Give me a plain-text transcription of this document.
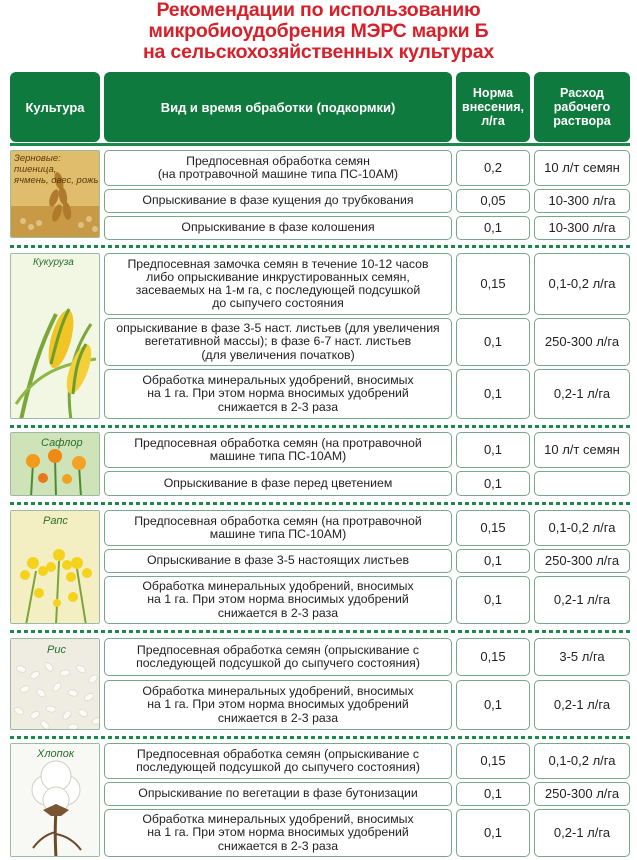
Рекомендации по использованию
микробиоудобрения МЭРС марки Б
на сельскохозяйственных культурах
Культура	Вид и время обработки (подкормки)
Норма
внесения,
л/га
Расход
рабочего
раствора
Зерновые: пшеница,
ячмень, овес, рожь
Предпосевная обработка семян
(на протравочной машине типа ПС-10АМ)	0,2	10 л/т семян
Опрыскивание в фазе кущения до трубкования	0,05	10-300 л/га
Опрыскивание в фазе колошения	0,1	10-300 л/га
Кукуруза	Предпосевная замочка семян в течение 10-12 часов
либо опрыскивание инкрустированных семян,
засеваемых на 1-м га, с последующей подсушкой
до сыпучего состояния
0,15	0,1-0,2 л/га
опрыскивание в фазе 3-5 наст. листьев (для увеличения
вегетативной массы); в фазе 6-7 наст. листьев
(для увеличения початков)
0,1	250-300 л/га
Обработка минеральных удобрений, вносимых
на 1 га. При этом норма вносимых удобрений
снижается в 2-3 раза
0,1	0,2-1 л/га
Сафлор	Предпосевная обработка семян (на протравочной
машине типа ПС-10АМ)	0,1	10 л/т семян
Опрыскивание в фазе перед цветением	0,1
Рапс	Предпосевная обработка семян (на протравочной
машине типа ПС-10АМ)	0,15	0,1-0,2 л/га
Опрыскивание в фазе 3-5 настоящих листьев	0,1	250-300 л/га
Обработка минеральных удобрений, вносимых
на 1 га. При этом норма вносимых удобрений
снижается в 2-3 раза
0,1	0,2-1 л/га
Рис	Предпосевная обработка семян (опрыскивание с
последующей подсушкой до сыпучего состояния)	0,15	3-5 л/га
Обработка минеральных удобрений, вносимых
на 1 га. При этом норма вносимых удобрений
снижается в 2-3 раза
0,1	0,2-1 л/га
Хлопок	Предпосевная обработка семян (опрыскивание с
последующей подсушкой до сыпучего состояния)	0,15	0,1-0,2 л/га
Опрыскивание по вегетации в фазе бутонизации	0,1	250-300 л/га
Обработка минеральных удобрений, вносимых
на 1 га. При этом норма вносимых удобрений
снижается в 2-3 раза
0,1	0,2-1 л/га
